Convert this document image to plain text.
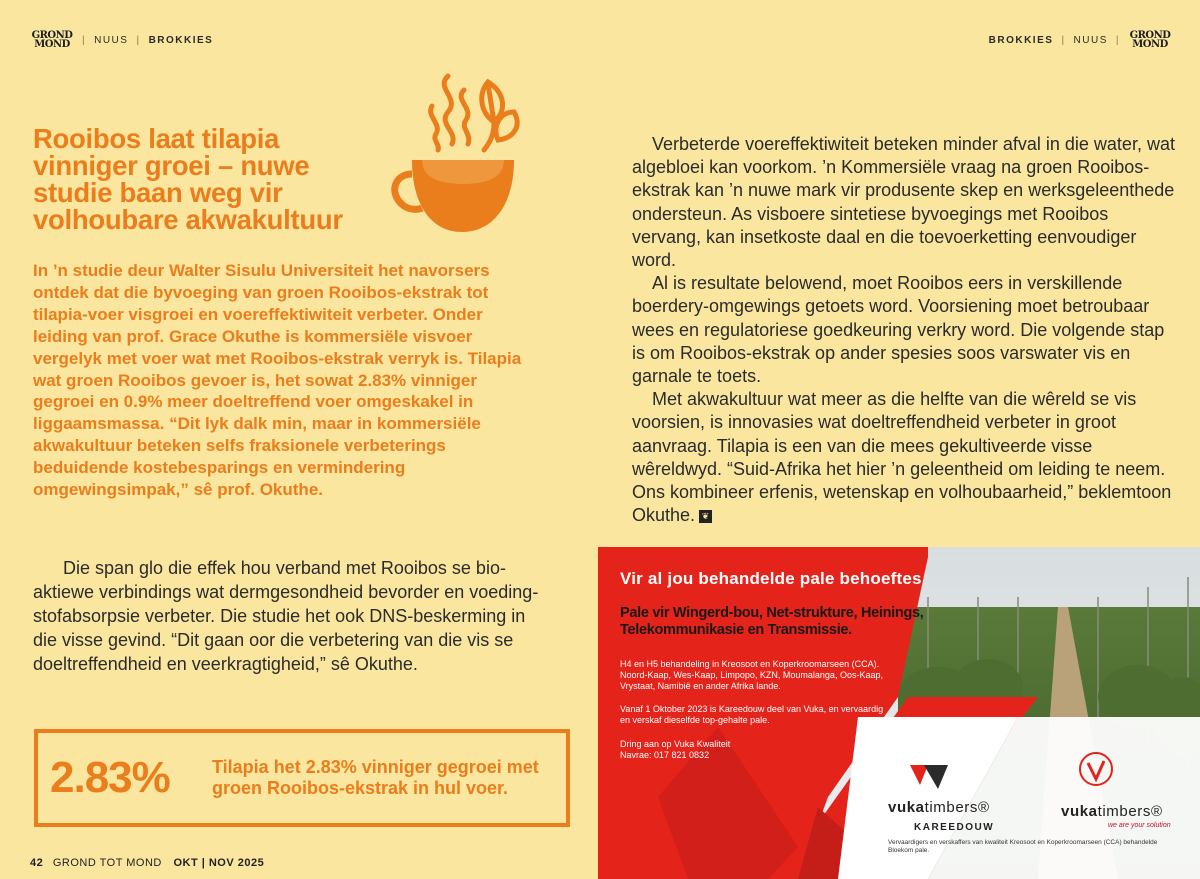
GROND
MOND	| NUUS | BROKKIES	BROKKIES | NUUS | GROND
MOND
Rooibos laat tilapia vinniger groei – nuwe studie baan weg vir volhoubare akwakultuur
In ’n studie deur Walter Sisulu Universiteit het navorsers ontdek dat die byvoeging van groen Rooibos-ekstrak tot tilapia-voer visgroei en voereffektiwiteit verbeter. Onder leiding van prof. Grace Okuthe is kommersiële visvoer vergelyk met voer wat met Rooibos-ekstrak verryk is. Tilapia wat groen Rooibos gevoer is, het sowat 2.83% vinniger gegroei en 0.9% meer doeltreffend voer omgeskakel in liggaamsmassa. “Dit lyk dalk min, maar in kommersiële akwakultuur beteken selfs fraksionele verbeterings beduidende kostebesparings en vermindering omgewingsimpak,” sê prof. Okuthe.

Die span glo die effek hou verband met Rooibos se bio-aktiewe verbindings wat dermgesondheid bevorder en voeding-stofabsorpsie verbeter. Die studie het ook DNS-beskerming in die visse gevind. “Dit gaan oor die verbetering van die vis se doeltreffendheid en veerkragtigheid,” sê Okuthe.

2.83%	Tilapia het 2.83% vinniger gegroei met groen Rooibos-ekstrak in hul voer.
42 GROND TOT MOND OKT | NOV 2025

Verbeterde voereffektiwiteit beteken minder afval in die water, wat algebloei kan voorkom. ’n Kommersiële vraag na groen Rooibos-ekstrak kan ’n nuwe mark vir produsente skep en werksgeleenthede ondersteun. As visboere sintetiese byvoegings met Rooibos vervang, kan insetkoste daal en die toevoerketting eenvoudiger word.

Al is resultate belowend, moet Rooibos eers in verskillende boerdery-omgewings getoets word. Voorsiening moet betroubaar wees en regulatoriese goedkeuring verkry word. Die volgende stap is om Rooibos-ekstrak op ander spesies soos varswater vis en garnale te toets.

Met akwakultuur wat meer as die helfte van die wêreld se vis voorsien, is innovasies wat doeltreffendheid verbeter in groot aanvraag. Tilapia is een van die mees gekultiveerde visse wêreldwyd. “Suid-Afrika het hier ’n geleentheid om leiding te neem. Ons kombineer erfenis, wetenskap en volhoubaarheid,” beklemtoon Okuthe. ❦

Vir al jou behandelde pale behoeftes
Pale vir Wingerd-bou, Net-strukture, Heinings, Telekommunikasie en Transmissie.
H4 en H5 behandeling in Kreosoot en Koperkroomarseen (CCA). Noord-Kaap, Wes-Kaap, Limpopo, KZN, Moumalanga, Oos-Kaap, Vrystaat, Namibië en ander Afrika lande.
Vanaf 1 Oktober 2023 is Kareedouw deel van Vuka, en vervaardig en verskaf dieselfde top-gehalte pale.
Dring aan op Vuka Kwaliteit
Navrae: 017 821 0832
vukatimbers®
KAREEDOUW
vukatimbers®
we are your solution
Vervaardigers en verskaffers van kwaliteit Kreosoot en Koperkroomarseen (CCA) behandelde Bloekom pale.
